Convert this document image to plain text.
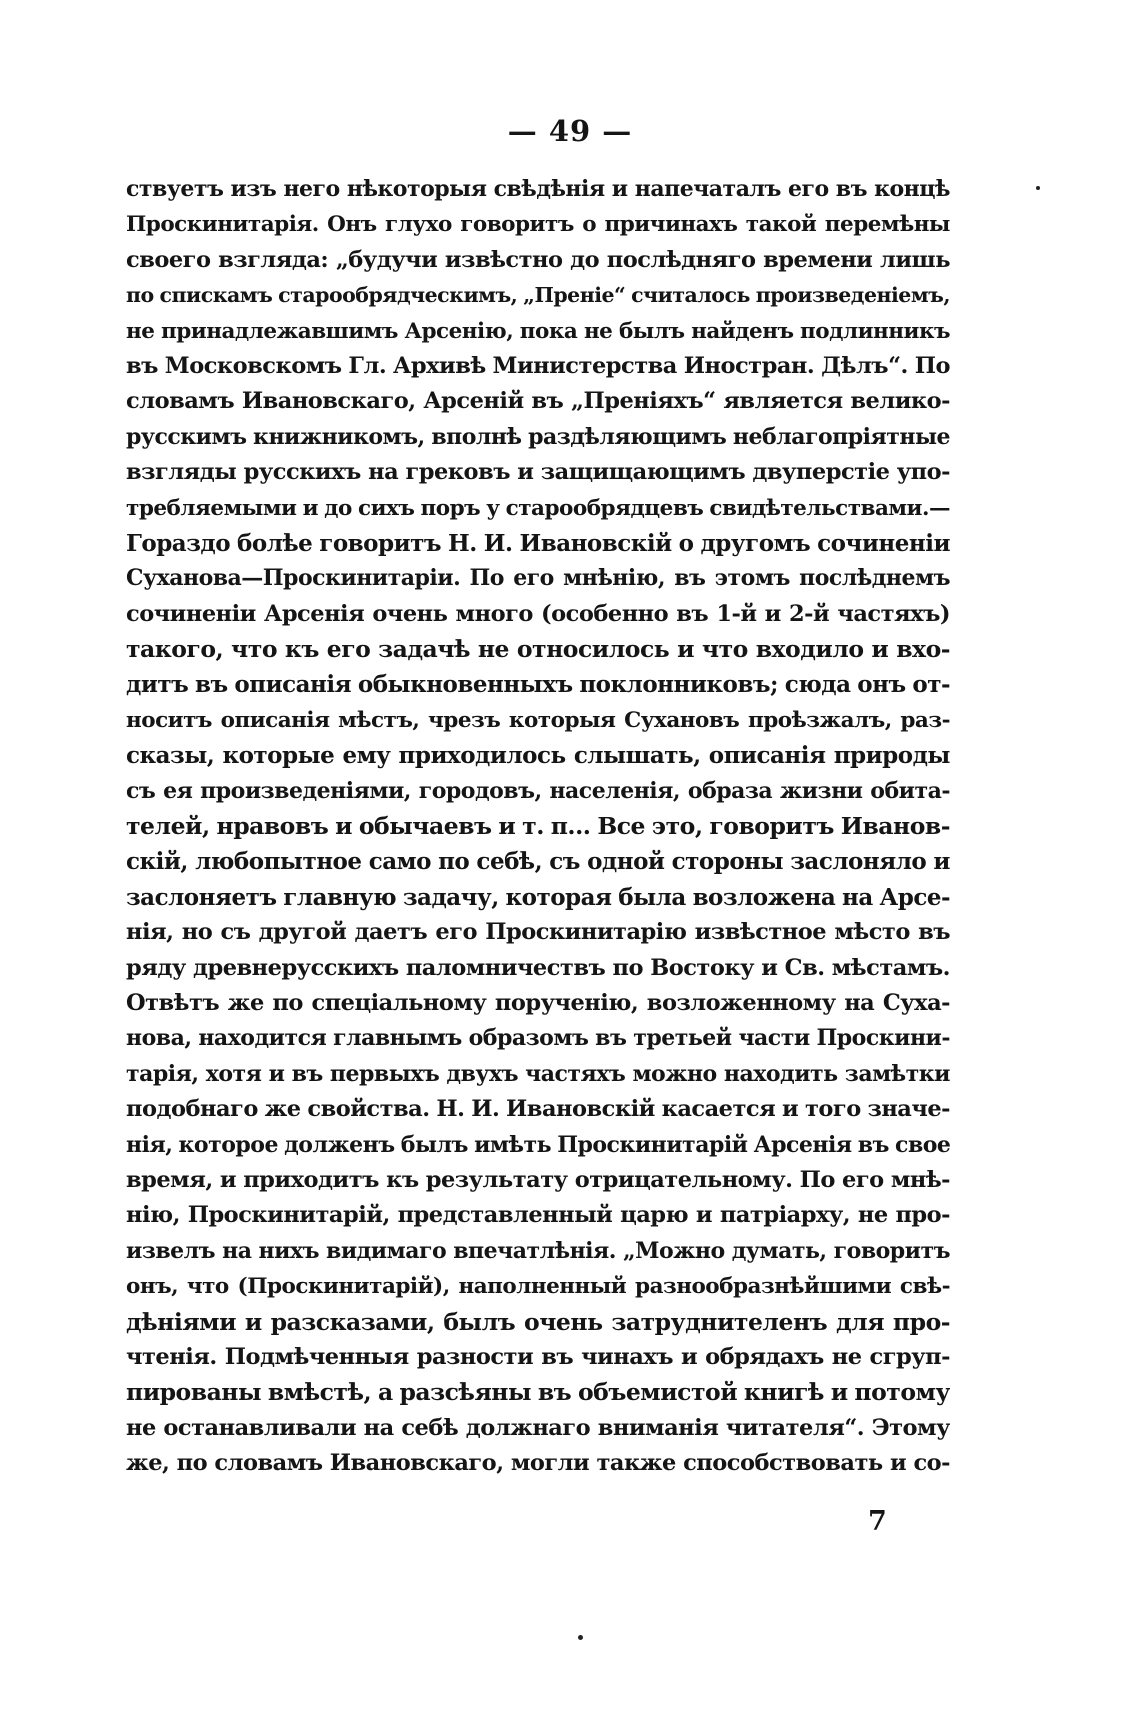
— 49 —
ствуетъ изъ него нѣкоторыя свѣдѣнія и напечаталъ его въ концѣ
Проскинитарія. Онъ глухо говоритъ о причинахъ такой перемѣны
своего взгляда: „будучи извѣстно до послѣдняго времени лишь
по спискамъ старообрядческимъ, „Преніе“ считалось произведеніемъ,
не принадлежавшимъ Арсенію, пока не былъ найденъ подлинникъ
въ Московскомъ Гл. Архивѣ Министерства Иностран. Дѣлъ“. По
словамъ Ивановскаго, Арсеній въ „Преніяхъ“ является велико-
русскимъ книжникомъ, вполнѣ раздѣляющимъ неблагопріятные
взгляды русскихъ на грековъ и защищающимъ двуперстіе упо-
требляемыми и до сихъ поръ у старообрядцевъ свидѣтельствами.—
Гораздо болѣе говоритъ Н. И. Ивановскій о другомъ сочиненіи
Суханова—Проскинитаріи. По его мнѣнію, въ этомъ послѣднемъ
сочиненіи Арсенія очень много (особенно въ 1-й и 2-й частяхъ)
такого, что къ его задачѣ не относилось и что входило и вхо-
дитъ въ описанія обыкновенныхъ поклонниковъ; сюда онъ от-
носитъ описанія мѣстъ, чрезъ которыя Сухановъ проѣзжалъ, раз-
сказы, которые ему приходилось слышать, описанія природы
съ ея произведеніями, городовъ, населенія, образа жизни обита-
телей, нравовъ и обычаевъ и т. п... Все это, говоритъ Иванов-
скій, любопытное само по себѣ, съ одной стороны заслоняло и
заслоняетъ главную задачу, которая была возложена на Арсе-
нія, но съ другой даетъ его Проскинитарію извѣстное мѣсто въ
ряду древнерусскихъ паломничествъ по Востоку и Св. мѣстамъ.
Отвѣтъ же по спеціальному порученію, возложенному на Суха-
нова, находится главнымъ образомъ въ третьей части Проскини-
тарія, хотя и въ первыхъ двухъ частяхъ можно находить замѣтки
подобнаго же свойства. Н. И. Ивановскій касается и того значе-
нія, которое долженъ былъ имѣть Проскинитарій Арсенія въ свое
время, и приходитъ къ результату отрицательному. По его мнѣ-
нію, Проскинитарій, представленный царю и патріарху, не про-
извелъ на нихъ видимаго впечатлѣнія. „Можно думать, говоритъ
онъ, что (Проскинитарій), наполненный разнообразнѣйшими свѣ-
дѣніями и разсказами, былъ очень затруднителенъ для про-
чтенія. Подмѣченныя разности въ чинахъ и обрядахъ не сгруп-
пированы вмѣстѣ, а разсѣяны въ объемистой книгѣ и потому
не останавливали на себѣ должнаго вниманія читателя“. Этому
же, по словамъ Ивановскаго, могли также способствовать и со-
7
